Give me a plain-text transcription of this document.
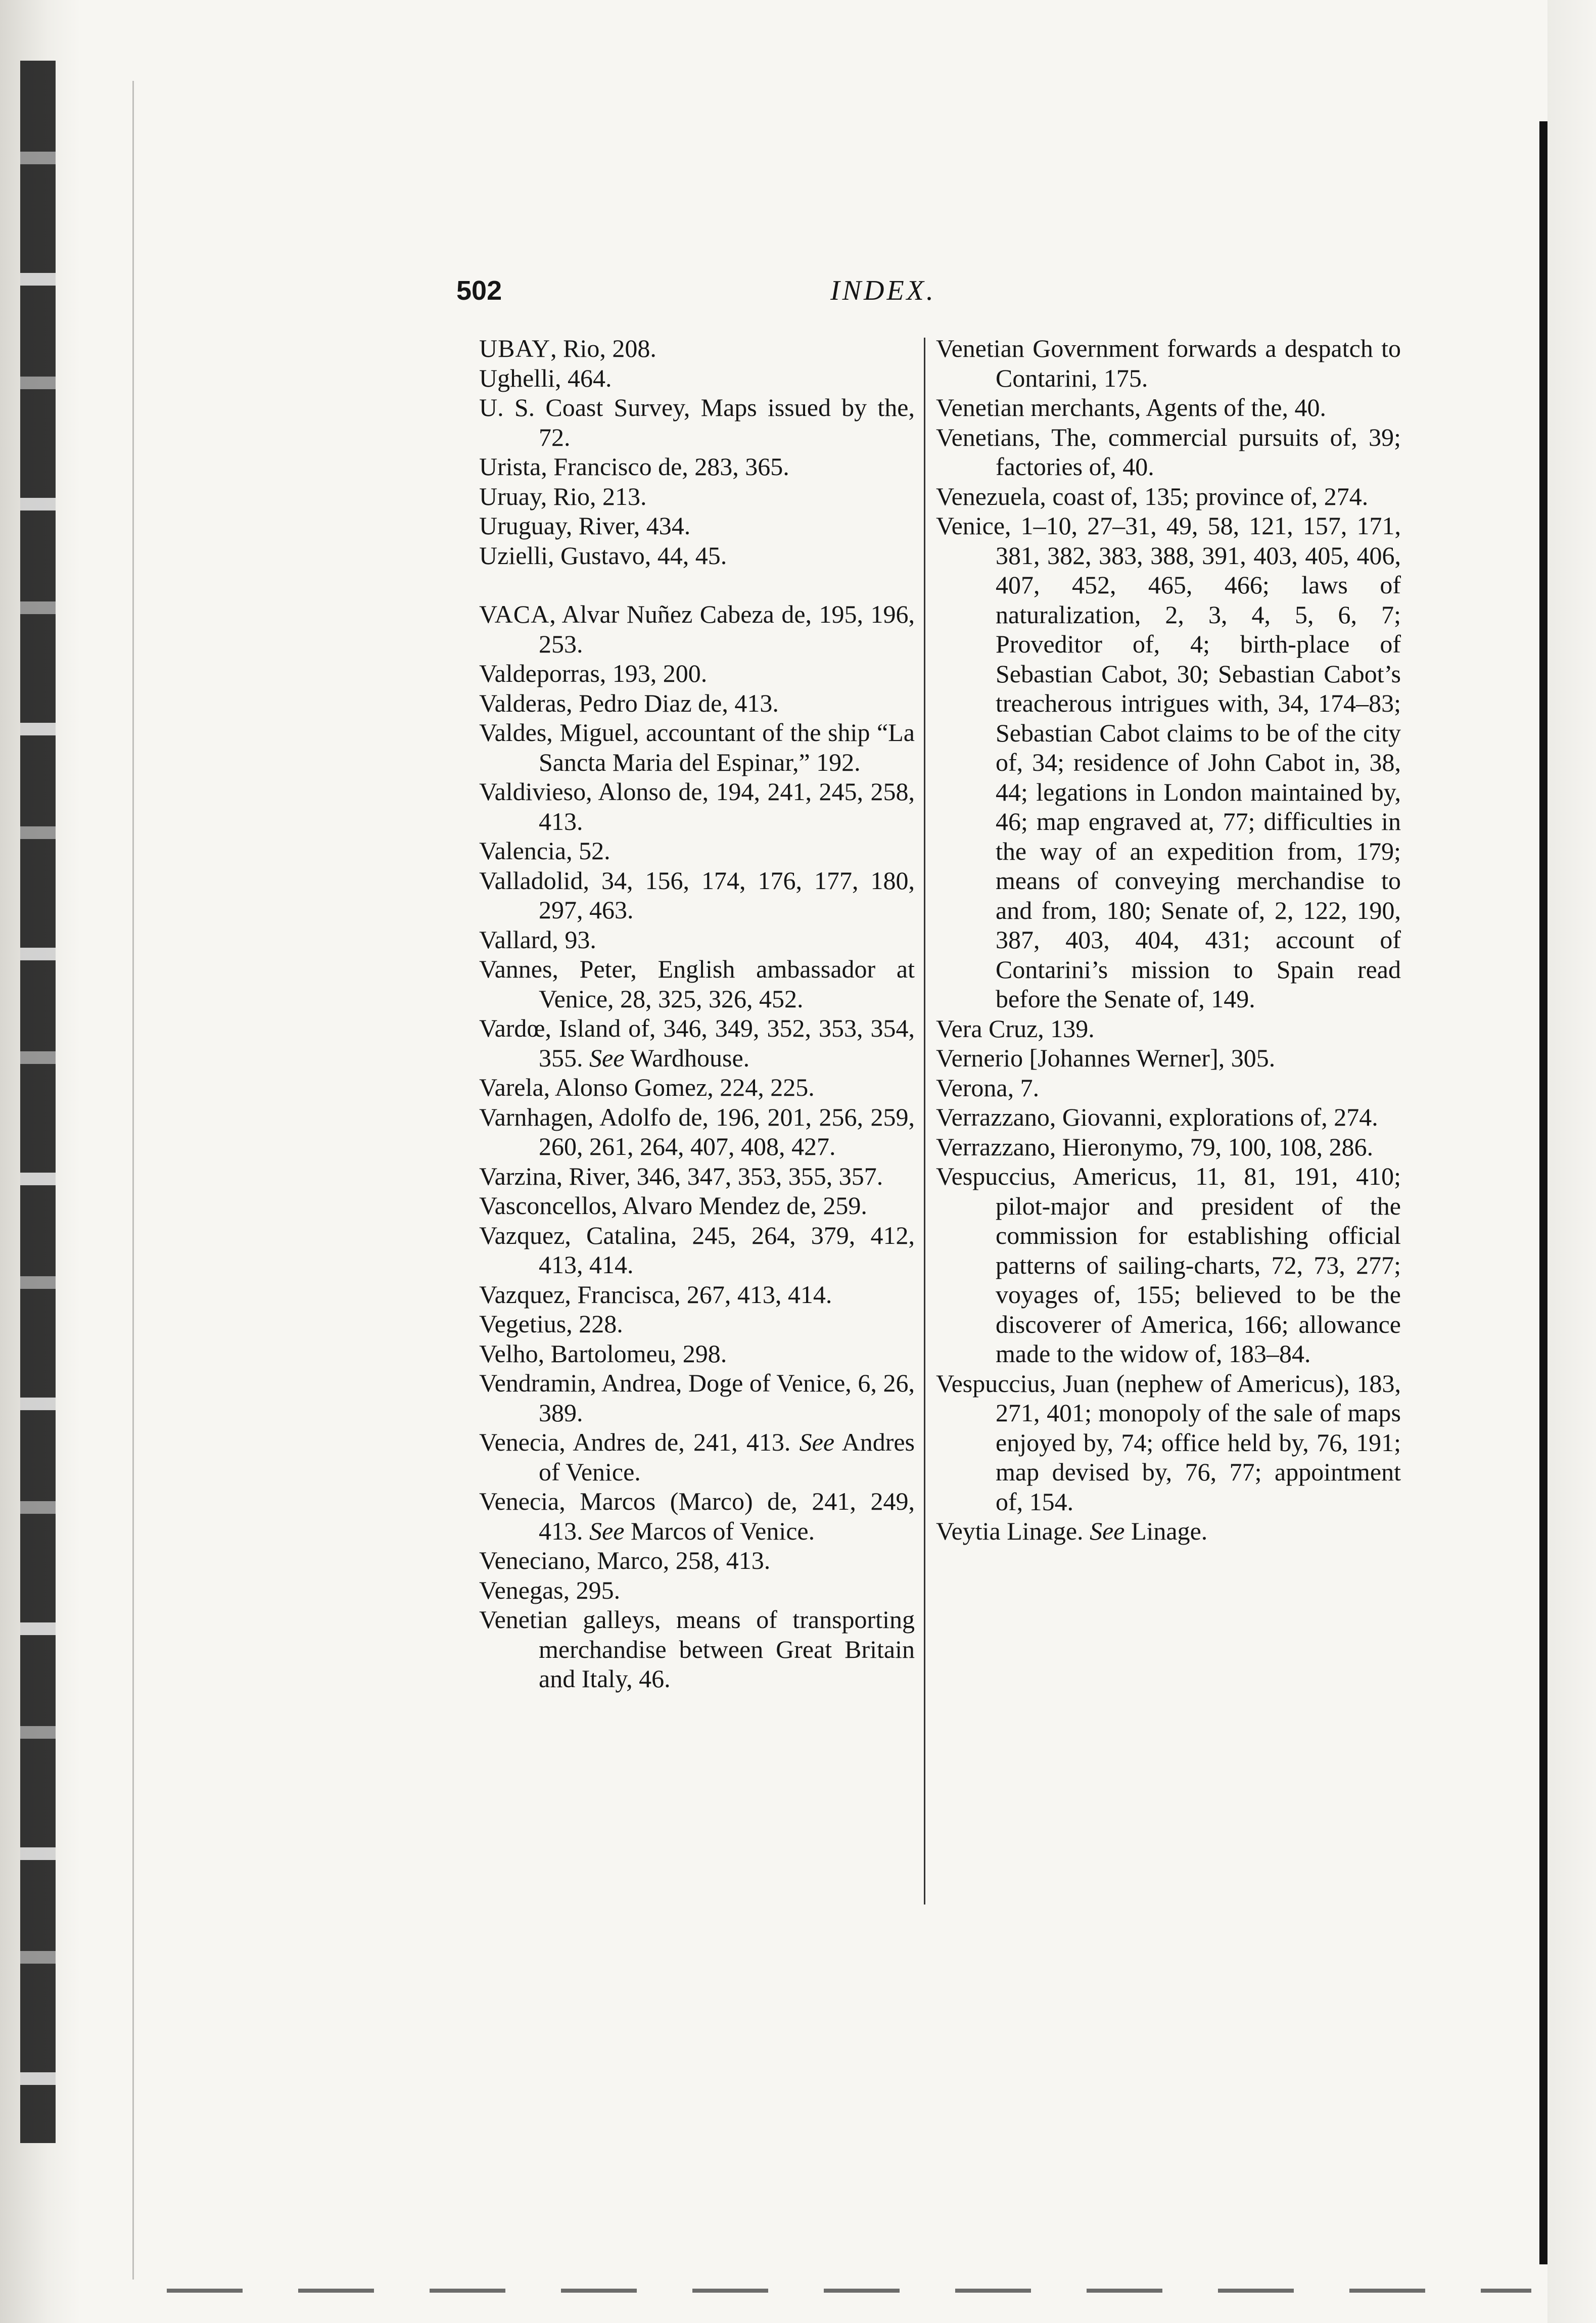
502	INDEX.
UBAY, Rio, 208.
Ughelli, 464.
U. S. Coast Survey, Maps issued by the, 72.
Urista, Francisco de, 283, 365.
Uruay, Rio, 213.
Uruguay, River, 434.
Uzielli, Gustavo, 44, 45.
VACA, Alvar Nuñez Cabeza de, 195, 196, 253.
Valdeporras, 193, 200.
Valderas, Pedro Diaz de, 413.
Valdes, Miguel, accountant of the ship “La Sancta Maria del Espinar,” 192.
Valdivieso, Alonso de, 194, 241, 245, 258, 413.
Valencia, 52.
Valladolid, 34, 156, 174, 176, 177, 180, 297, 463.
Vallard, 93.
Vannes, Peter, English ambassador at Venice, 28, 325, 326, 452.
Vardœ, Island of, 346, 349, 352, 353, 354, 355. See Wardhouse.
Varela, Alonso Gomez, 224, 225.
Varnhagen, Adolfo de, 196, 201, 256, 259, 260, 261, 264, 407, 408, 427.
Varzina, River, 346, 347, 353, 355, 357.
Vasconcellos, Alvaro Mendez de, 259.
Vazquez, Catalina, 245, 264, 379, 412, 413, 414.
Vazquez, Francisca, 267, 413, 414.
Vegetius, 228.
Velho, Bartolomeu, 298.
Vendramin, Andrea, Doge of Venice, 6, 26, 389.
Venecia, Andres de, 241, 413. See Andres of Venice.
Venecia, Marcos (Marco) de, 241, 249, 413. See Marcos of Venice.
Veneciano, Marco, 258, 413.
Venegas, 295.
Venetian galleys, means of transporting merchandise between Great Britain and Italy, 46.
Venetian Government forwards a despatch to Contarini, 175.
Venetian merchants, Agents of the, 40.
Venetians, The, commercial pursuits of, 39; factories of, 40.
Venezuela, coast of, 135; province of, 274.
Venice, 1–10, 27–31, 49, 58, 121, 157, 171, 381, 382, 383, 388, 391, 403, 405, 406, 407, 452, 465, 466; laws of naturalization, 2, 3, 4, 5, 6, 7; Proveditor of, 4; birth-place of Sebastian Cabot, 30; Sebastian Cabot’s treacherous intrigues with, 34, 174–83; Sebastian Cabot claims to be of the city of, 34; residence of John Cabot in, 38, 44; legations in London maintained by, 46; map engraved at, 77; difficulties in the way of an expedition from, 179; means of conveying merchandise to and from, 180; Senate of, 2, 122, 190, 387, 403, 404, 431; account of Contarini’s mission to Spain read before the Senate of, 149.
Vera Cruz, 139.
Vernerio [Johannes Werner], 305.
Verona, 7.
Verrazzano, Giovanni, explorations of, 274.
Verrazzano, Hieronymo, 79, 100, 108, 286.
Vespuccius, Americus, 11, 81, 191, 410; pilot-major and president of the commission for establishing official patterns of sailing-charts, 72, 73, 277; voyages of, 155; believed to be the discoverer of America, 166; allowance made to the widow of, 183–84.
Vespuccius, Juan (nephew of Americus), 183, 271, 401; monopoly of the sale of maps enjoyed by, 74; office held by, 76, 191; map devised by, 76, 77; appointment of, 154.
Veytia Linage. See Linage.
